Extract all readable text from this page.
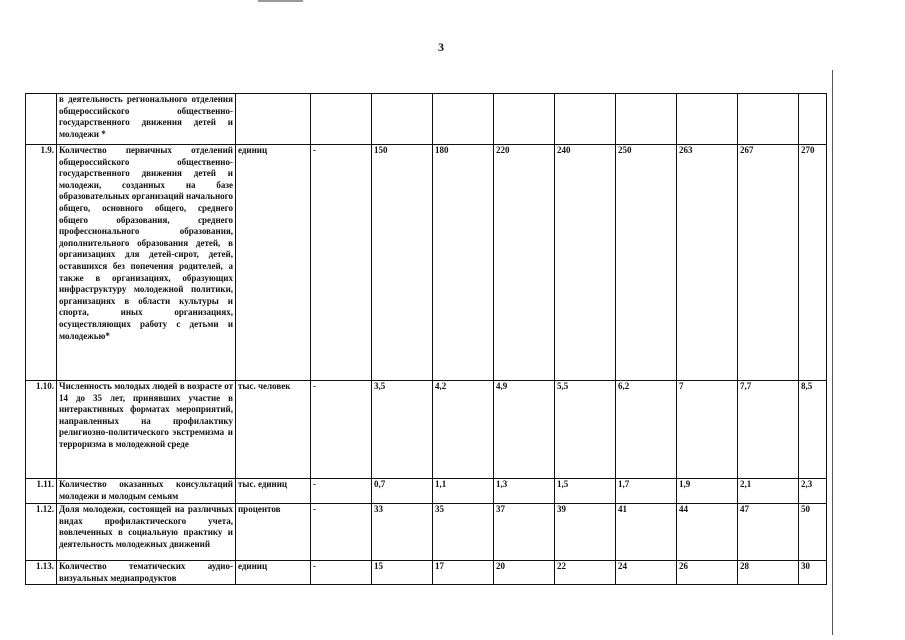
3
	в деятельность регионального отделения общероссийского общественно-государственного движения детей и молодежи *										
1.9.	Количество первичных отделений общероссийского общественно-государственного движения детей и молодежи, созданных на базе образовательных организаций начального общего, основного общего, среднего общего образования, среднего профессионального образования, дополнительного образования детей, в организациях для детей-сирот, детей, оставшихся без попечения родителей, а также в организациях, образующих инфраструктуру молодежной политики, организациях в области культуры и спорта, иных организациях, осуществляющих работу с детьми и молодежью*	единиц	-	150	180	220	240	250	263	267	270
1.10.	Численность молодых людей в возрасте от 14 до 35 лет, принявших участие в интерактивных форматах мероприятий, направленных на профилактику религиозно-политического экстремизма и терроризма в молодежной среде	тыс. человек	-	3,5	4,2	4,9	5,5	6,2	7	7,7	8,5
1.11.	Количество оказанных консультаций молодежи и молодым семьям	тыс. единиц	-	0,7	1,1	1,3	1,5	1,7	1,9	2,1	2,3
1.12.	Доля молодежи, состоящей на различных видах профилактического учета, вовлеченных в социальную практику и деятельность молодежных движений	процентов	-	33	35	37	39	41	44	47	50
1.13.	Количество тематических аудио-визуальных медиапродуктов	единиц	-	15	17	20	22	24	26	28	30
